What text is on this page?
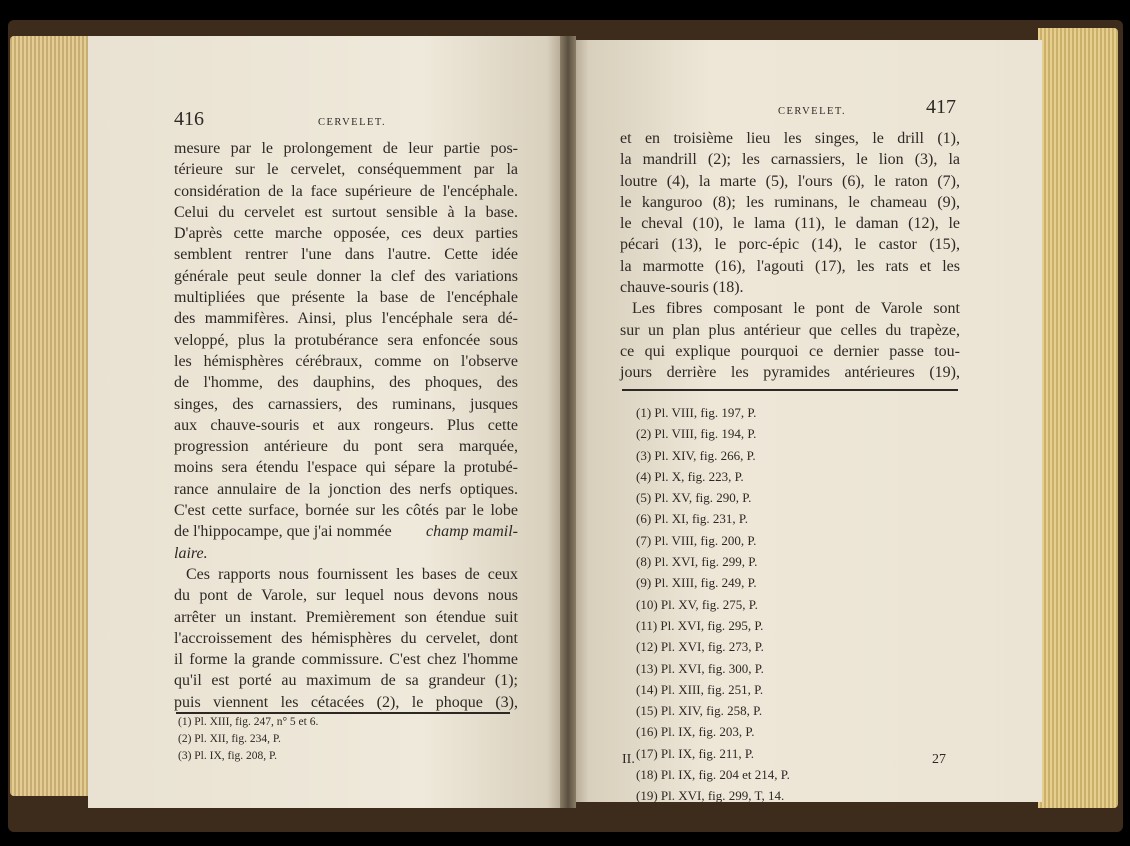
416	CERVELET.
mesure par le prolongement de leur partie pos-
térieure sur le cervelet, conséquemment par la
considération de la face supérieure de l'encéphale.
Celui du cervelet est surtout sensible à la base.
D'après cette marche opposée, ces deux parties
semblent rentrer l'une dans l'autre. Cette idée
générale peut seule donner la clef des variations
multipliées que présente la base de l'encéphale
des mammifères. Ainsi, plus l'encéphale sera dé-
veloppé, plus la protubérance sera enfoncée sous
les hémisphères cérébraux, comme on l'observe
de l'homme, des dauphins, des phoques, des
singes, des carnassiers, des ruminans, jusques
aux chauve-souris et aux rongeurs. Plus cette
progression antérieure du pont sera marquée,
moins sera étendu l'espace qui sépare la protubé-
rance annulaire de la jonction des nerfs optiques.
C'est cette surface, bornée sur les côtés par le lobe
de l'hippocampe, que j'ai nommée champ mamil-
laire.
Ces rapports nous fournissent les bases de ceux
du pont de Varole, sur lequel nous devons nous
arrêter un instant. Premièrement son étendue suit
l'accroissement des hémisphères du cervelet, dont
il forme la grande commissure. C'est chez l'homme
qu'il est porté au maximum de sa grandeur (1);
puis viennent les cétacées (2), le phoque (3),
(1) Pl. XIII, fig. 247, n° 5 et 6.
(2) Pl. XII, fig. 234, P.
(3) Pl. IX, fig. 208, P.
CERVELET.	417
et en troisième lieu les singes, le drill (1),
la mandrill (2); les carnassiers, le lion (3), la
loutre (4), la marte (5), l'ours (6), le raton (7),
le kanguroo (8); les ruminans, le chameau (9),
le cheval (10), le lama (11), le daman (12), le
pécari (13), le porc-épic (14), le castor (15),
la marmotte (16), l'agouti (17), les rats et les
chauve-souris (18).
Les fibres composant le pont de Varole sont
sur un plan plus antérieur que celles du trapèze,
ce qui explique pourquoi ce dernier passe tou-
jours derrière les pyramides antérieures (19),
(1) Pl. VIII, fig. 197, P.
(2) Pl. VIII, fig. 194, P.
(3) Pl. XIV, fig. 266, P.
(4) Pl. X, fig. 223, P.
(5) Pl. XV, fig. 290, P.
(6) Pl. XI, fig. 231, P.
(7) Pl. VIII, fig. 200, P.
(8) Pl. XVI, fig. 299, P.
(9) Pl. XIII, fig. 249, P.
(10) Pl. XV, fig. 275, P.
(11) Pl. XVI, fig. 295, P.
(12) Pl. XVI, fig. 273, P.
(13) Pl. XVI, fig. 300, P.
(14) Pl. XIII, fig. 251, P.
(15) Pl. XIV, fig. 258, P.
(16) Pl. IX, fig. 203, P.
(17) Pl. IX, fig. 211, P.
(18) Pl. IX, fig. 204 et 214, P.
(19) Pl. XVI, fig. 299, T, 14.
II.	27
